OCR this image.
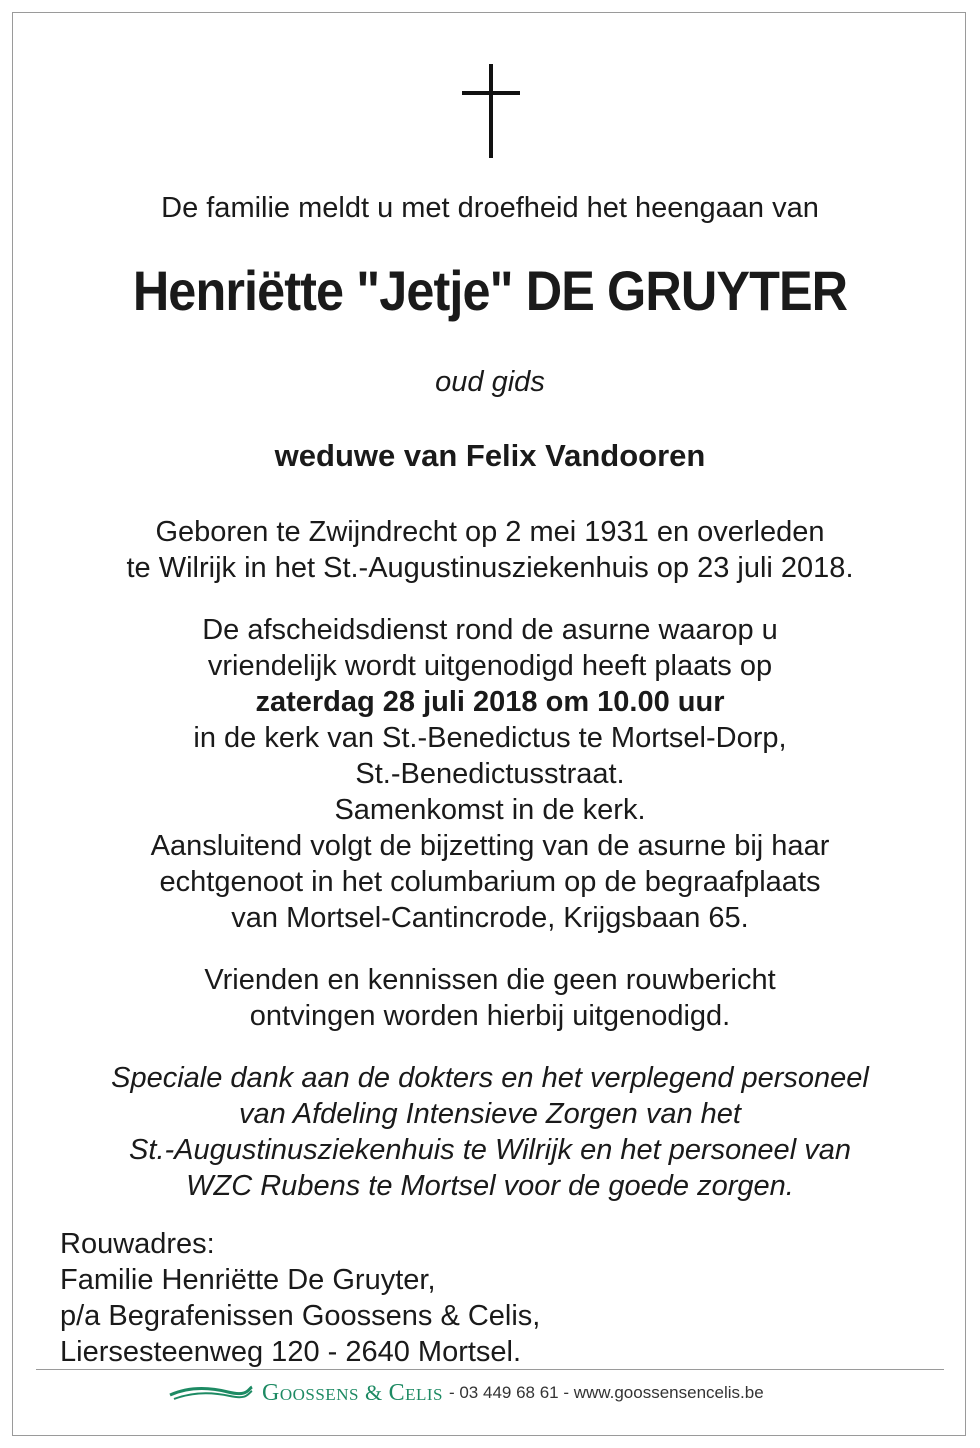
De familie meldt u met droefheid het heengaan van
Henriëtte "Jetje" DE GRUYTER
oud gids
weduwe van Felix Vandooren
Geboren te Zwijndrecht op 2 mei 1931 en overleden
te Wilrijk in het St.-Augustinusziekenhuis op 23 juli 2018.
De afscheidsdienst rond de asurne waarop u
vriendelijk wordt uitgenodigd heeft plaats op
zaterdag 28 juli 2018 om 10.00 uur
in de kerk van St.-Benedictus te Mortsel-Dorp,
St.-Benedictusstraat.
Samenkomst in de kerk.
Aansluitend volgt de bijzetting van de asurne bij haar
echtgenoot in het columbarium op de begraafplaats
van Mortsel-Cantincrode, Krijgsbaan 65.
Vrienden en kennissen die geen rouwbericht
ontvingen worden hierbij uitgenodigd.
Speciale dank aan de dokters en het verplegend personeel
van Afdeling Intensieve Zorgen van het
St.-Augustinusziekenhuis te Wilrijk en het personeel van
WZC Rubens te Mortsel voor de goede zorgen.
Rouwadres:
Familie Henriëtte De Gruyter,
p/a Begrafenissen Goossens & Celis,
Liersesteenweg 120 - 2640 Mortsel.
GOOSSENS & CELIS - 03 449 68 61 - www.goossensencelis.be
